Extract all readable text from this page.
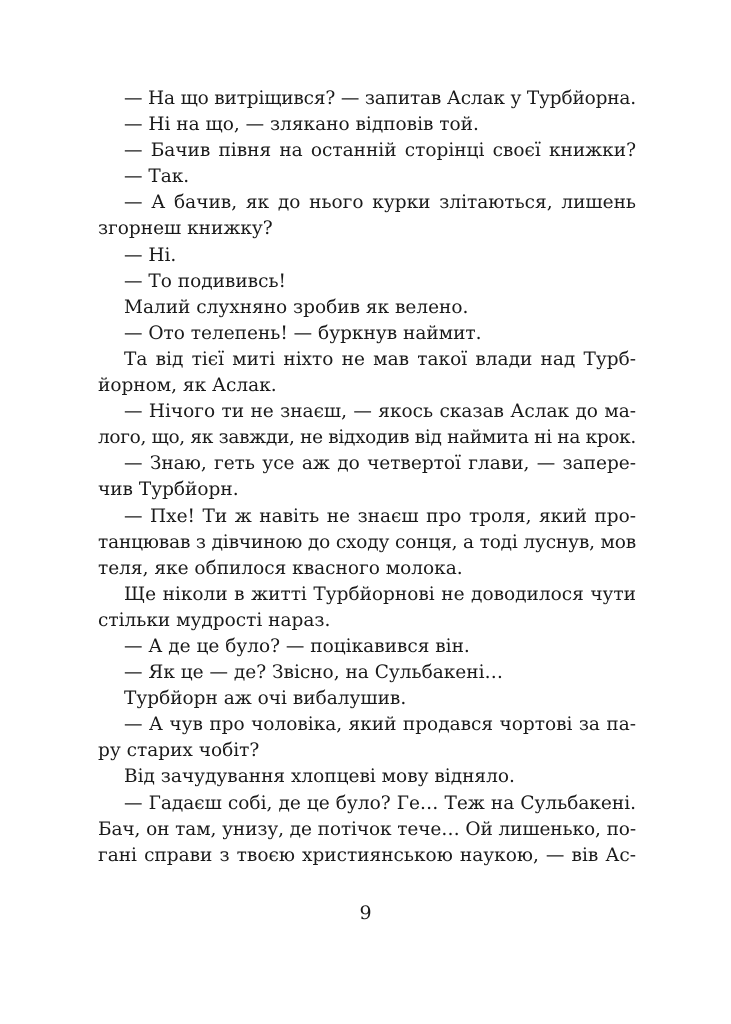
— На що витріщився? — запитав Аслак у Турбйорна.
— Ні на що, — злякано відповів той.
— Бачив півня на останній сторінці своєї книжки?
— Так.
— А бачив, як до нього курки злітаються, лишень
згорнеш книжку?
— Ні.
— То подививсь!
Малий слухняно зробив як велено.
— Ото телепень! — буркнув наймит.
Та від тієї миті ніхто не мав такої влади над Турб-
йорном, як Аслак.
— Нічого ти не знаєш, — якось сказав Аслак до ма-
лого, що, як завжди, не відходив від наймита ні на крок.
— Знаю, геть усе аж до четвертої глави, — запере-
чив Турбйорн.
— Пхе! Ти ж навіть не знаєш про троля, який про-
танцював з дівчиною до сходу сонця, а тоді луснув, мов
теля, яке обпилося квасного молока.
Ще ніколи в житті Турбйорнові не доводилося чути
стільки мудрості нараз.
— А де це було? — поцікавився він.
— Як це — де? Звісно, на Сульбакені…
Турбйорн аж очі вибалушив.
— А чув про чоловіка, який продався чортові за па-
ру старих чобіт?
Від зачудування хлопцеві мову відняло.
— Гадаєш собі, де це було? Ге… Теж на Сульбакені.
Бач, он там, унизу, де потічок тече… Ой лишенько, по-
гані справи з твоєю християнською наукою, — вів Ас-
9
